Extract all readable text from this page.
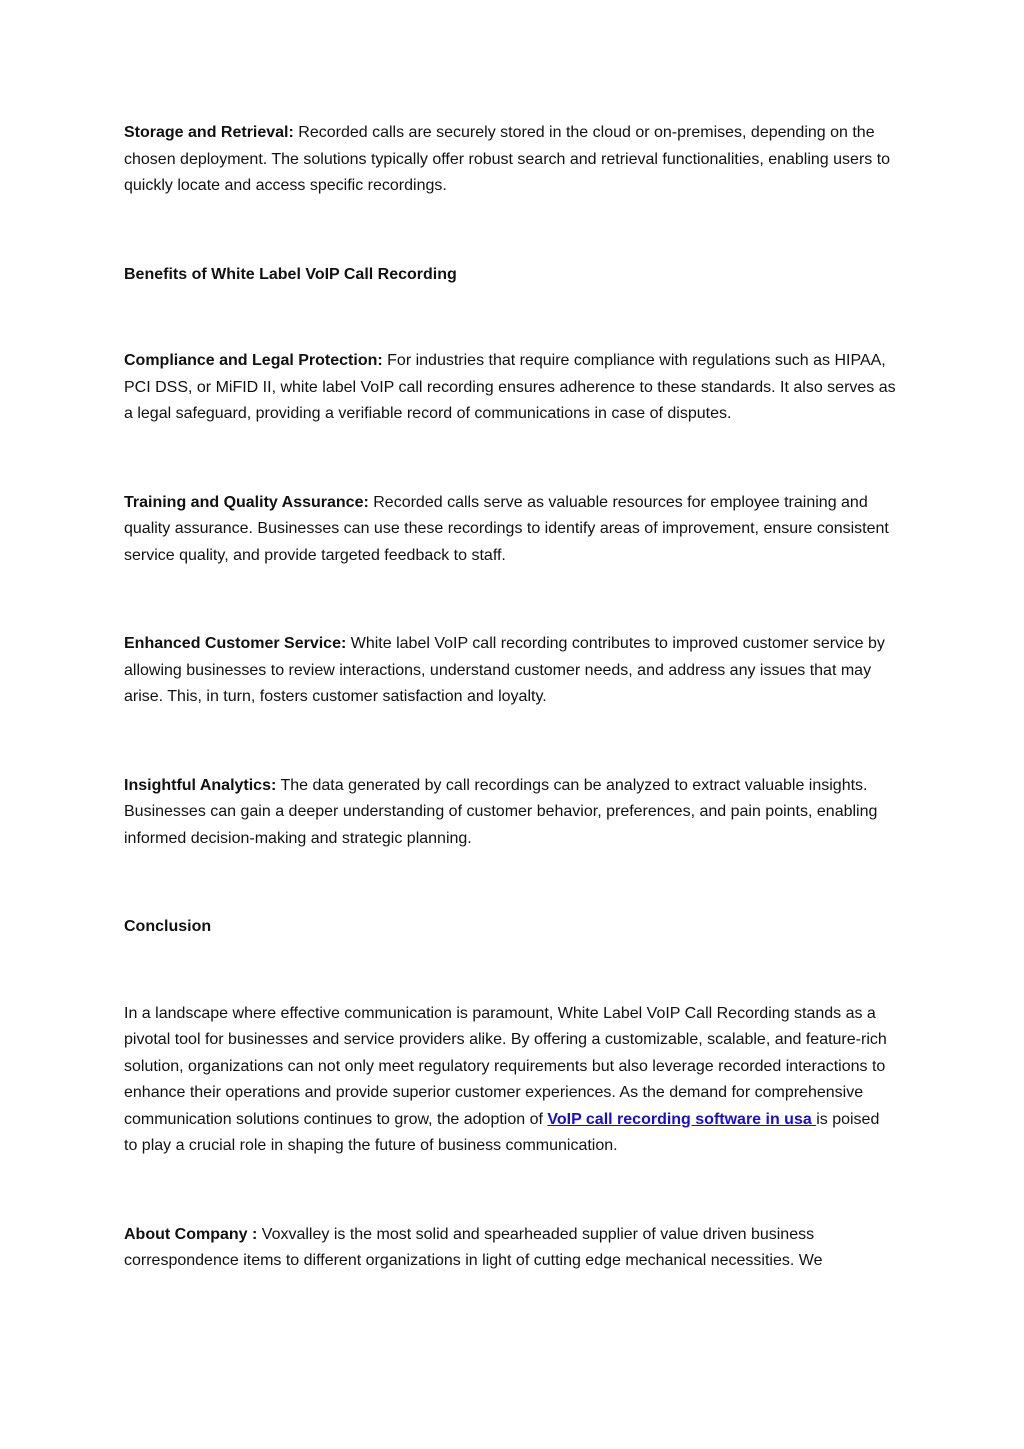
Storage and Retrieval: Recorded calls are securely stored in the cloud or on-premises, depending on the chosen deployment. The solutions typically offer robust search and retrieval functionalities, enabling users to quickly locate and access specific recordings.

Benefits of White Label VoIP Call Recording

Compliance and Legal Protection: For industries that require compliance with regulations such as HIPAA, PCI DSS, or MiFID II, white label VoIP call recording ensures adherence to these standards. It also serves as a legal safeguard, providing a verifiable record of communications in case of disputes.

Training and Quality Assurance: Recorded calls serve as valuable resources for employee training and quality assurance. Businesses can use these recordings to identify areas of improvement, ensure consistent service quality, and provide targeted feedback to staff.

Enhanced Customer Service: White label VoIP call recording contributes to improved customer service by allowing businesses to review interactions, understand customer needs, and address any issues that may arise. This, in turn, fosters customer satisfaction and loyalty.

Insightful Analytics: The data generated by call recordings can be analyzed to extract valuable insights. Businesses can gain a deeper understanding of customer behavior, preferences, and pain points, enabling informed decision-making and strategic planning.

Conclusion

In a landscape where effective communication is paramount, White Label VoIP Call Recording stands as a pivotal tool for businesses and service providers alike. By offering a customizable, scalable, and feature-rich solution, organizations can not only meet regulatory requirements but also leverage recorded interactions to enhance their operations and provide superior customer experiences. As the demand for comprehensive communication solutions continues to grow, the adoption of VoIP call recording software in usa is poised to play a crucial role in shaping the future of business communication.

About Company : Voxvalley is the most solid and spearheaded supplier of value driven business correspondence items to different organizations in light of cutting edge mechanical necessities. We
